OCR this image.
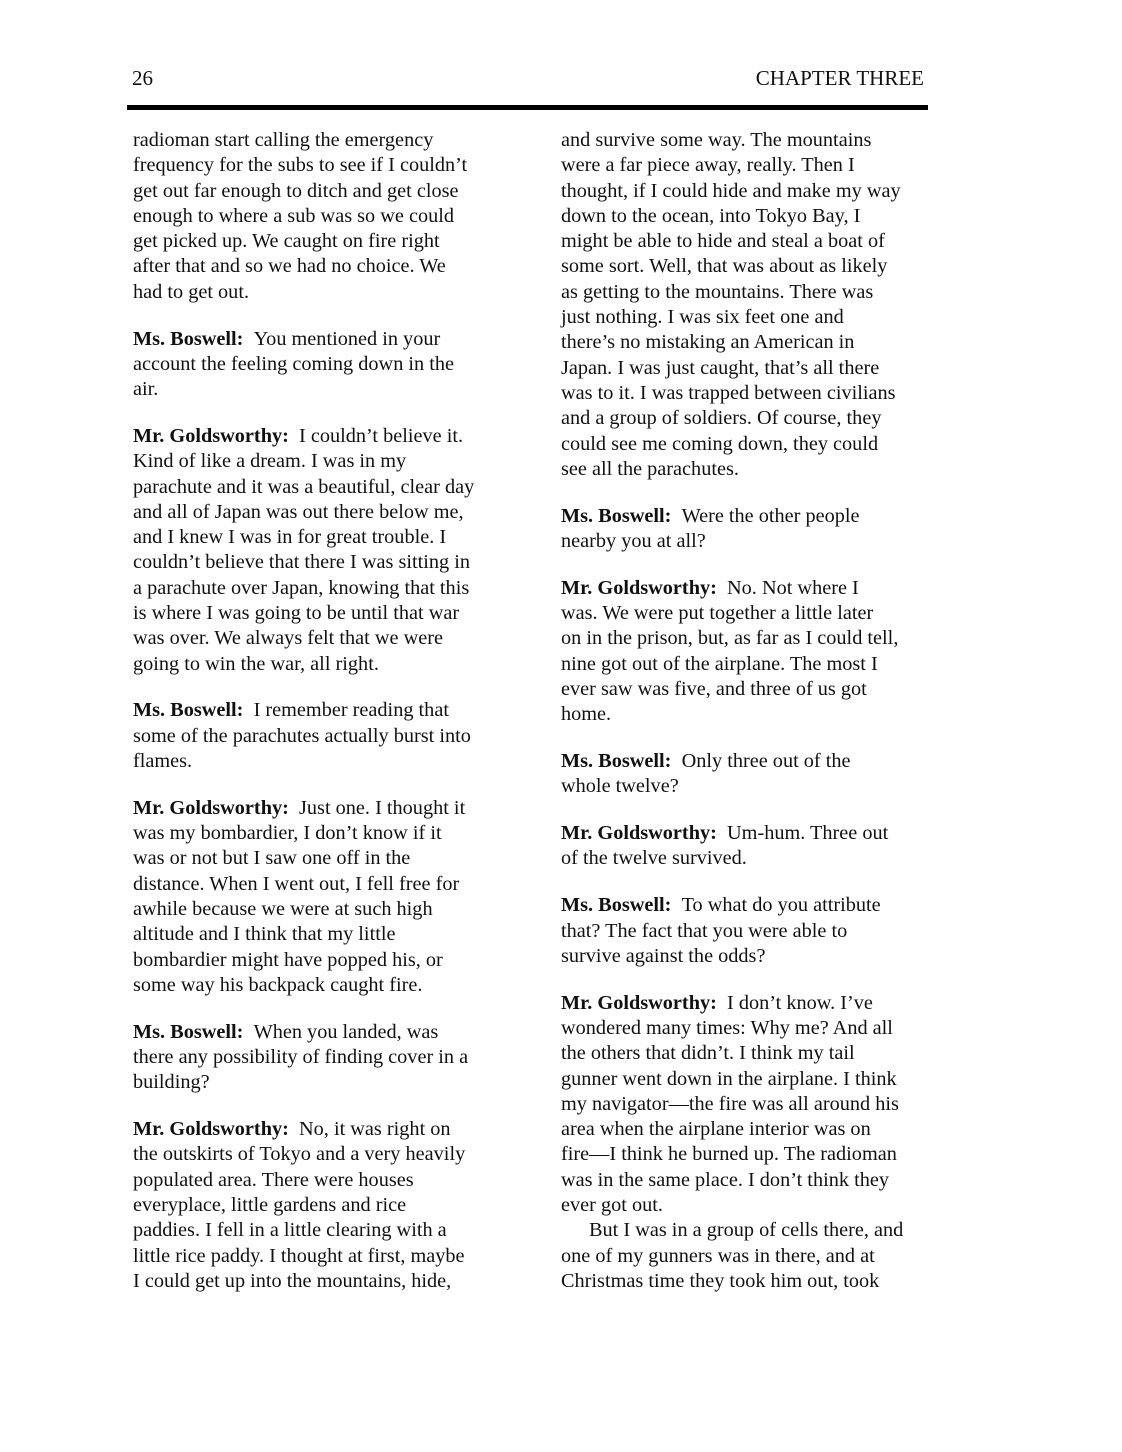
26	CHAPTER THREE
radioman start calling the emergency
frequency for the subs to see if I couldn’t
get out far enough to ditch and get close
enough to where a sub was so we could
get picked up. We caught on fire right
after that and so we had no choice. We
had to get out.
Ms. Boswell: You mentioned in your
account the feeling coming down in the
air.
Mr. Goldsworthy: I couldn’t believe it.
Kind of like a dream. I was in my
parachute and it was a beautiful, clear day
and all of Japan was out there below me,
and I knew I was in for great trouble. I
couldn’t believe that there I was sitting in
a parachute over Japan, knowing that this
is where I was going to be until that war
was over. We always felt that we were
going to win the war, all right.
Ms. Boswell: I remember reading that
some of the parachutes actually burst into
flames.
Mr. Goldsworthy: Just one. I thought it
was my bombardier, I don’t know if it
was or not but I saw one off in the
distance. When I went out, I fell free for
awhile because we were at such high
altitude and I think that my little
bombardier might have popped his, or
some way his backpack caught fire.
Ms. Boswell: When you landed, was
there any possibility of finding cover in a
building?
Mr. Goldsworthy: No, it was right on
the outskirts of Tokyo and a very heavily
populated area. There were houses
everyplace, little gardens and rice
paddies. I fell in a little clearing with a
little rice paddy. I thought at first, maybe
I could get up into the mountains, hide,
and survive some way. The mountains
were a far piece away, really. Then I
thought, if I could hide and make my way
down to the ocean, into Tokyo Bay, I
might be able to hide and steal a boat of
some sort. Well, that was about as likely
as getting to the mountains. There was
just nothing. I was six feet one and
there’s no mistaking an American in
Japan. I was just caught, that’s all there
was to it. I was trapped between civilians
and a group of soldiers. Of course, they
could see me coming down, they could
see all the parachutes.
Ms. Boswell: Were the other people
nearby you at all?
Mr. Goldsworthy: No. Not where I
was. We were put together a little later
on in the prison, but, as far as I could tell,
nine got out of the airplane. The most I
ever saw was five, and three of us got
home.
Ms. Boswell: Only three out of the
whole twelve?
Mr. Goldsworthy: Um-hum. Three out
of the twelve survived.
Ms. Boswell: To what do you attribute
that? The fact that you were able to
survive against the odds?
Mr. Goldsworthy: I don’t know. I’ve
wondered many times: Why me? And all
the others that didn’t. I think my tail
gunner went down in the airplane. I think
my navigator—the fire was all around his
area when the airplane interior was on
fire—I think he burned up. The radioman
was in the same place. I don’t think they
ever got out.
But I was in a group of cells there, and
one of my gunners was in there, and at
Christmas time they took him out, took
